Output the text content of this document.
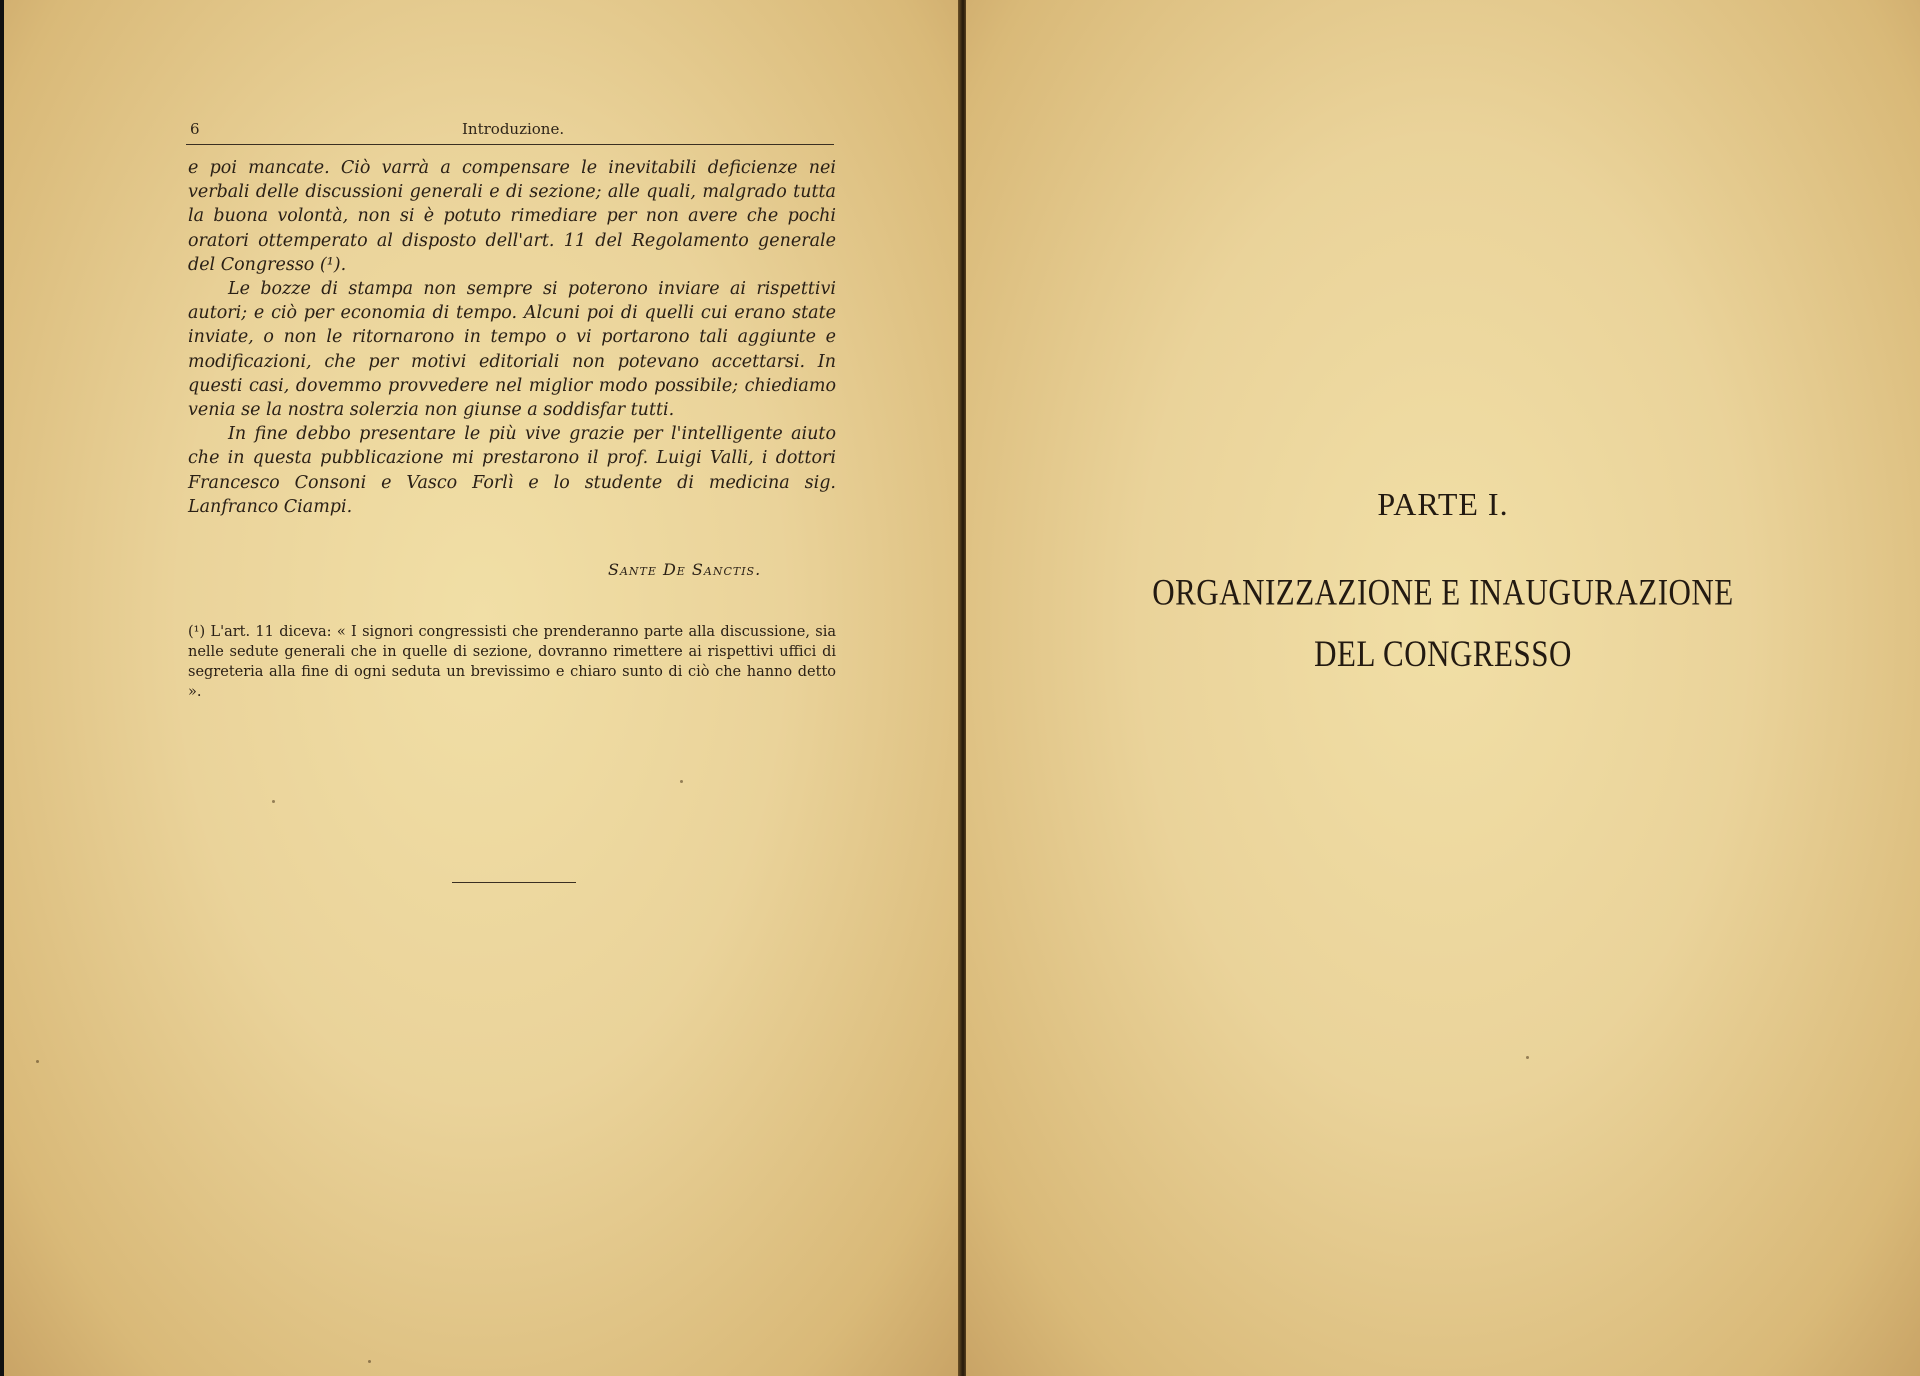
6	Introduzione.

e poi mancate. Ciò varrà a compensare le inevitabili deficienze nei verbali delle discussioni generali e di sezione; alle quali, malgrado tutta la buona volontà, non si è potuto rimediare per non avere che pochi oratori ottemperato al disposto dell'art. 11 del Regolamento generale del Congresso (¹).

Le bozze di stampa non sempre si poterono inviare ai rispettivi autori; e ciò per economia di tempo. Alcuni poi di quelli cui erano state inviate, o non le ritornarono in tempo o vi portarono tali aggiunte e modificazioni, che per motivi editoriali non potevano accettarsi. In questi casi, dovemmo provvedere nel miglior modo possibile; chiediamo venia se la nostra solerzia non giunse a soddisfar tutti.

In fine debbo presentare le più vive grazie per l'intelligente aiuto che in questa pubblicazione mi prestarono il prof. Luigi Valli, i dottori Francesco Consoni e Vasco Forlì e lo studente di medicina sig. Lanfranco Ciampi.

Sante De Sanctis.
(¹) L'art. 11 diceva: « I signori congressisti che prenderanno parte alla discussione, sia nelle sedute generali che in quelle di sezione, dovranno rimettere ai rispettivi uffici di segreteria alla fine di ogni seduta un brevissimo e chiaro sunto di ciò che hanno detto ».
PARTE I.
ORGANIZZAZIONE E INAUGURAZIONE
DEL CONGRESSO
